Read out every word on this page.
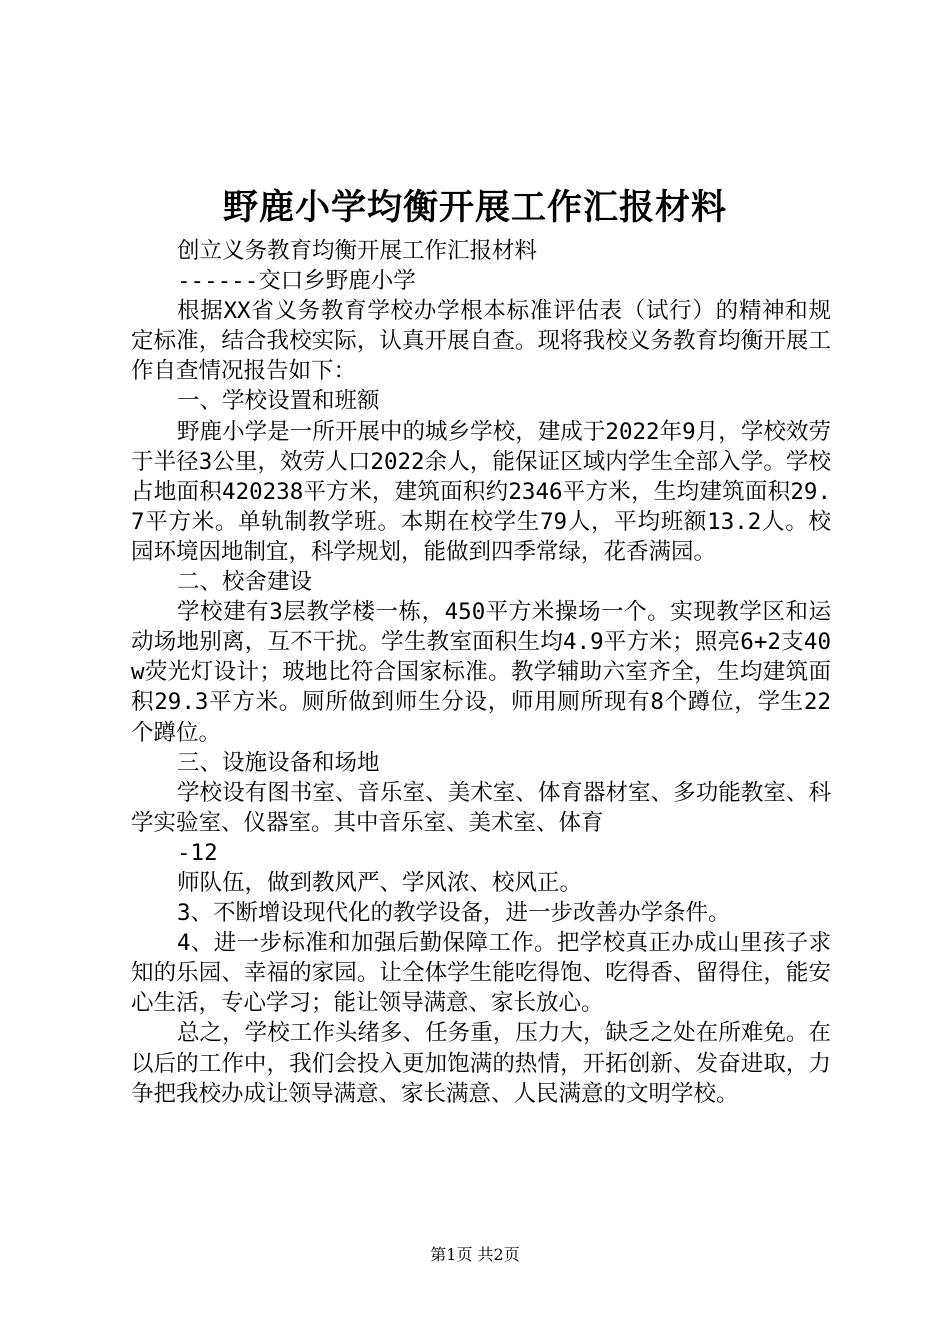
野鹿小学均衡开展工作汇报材料

创立义务教育均衡开展工作汇报材料

------交口乡野鹿小学

根据XX省义务教育学校办学根本标准评估表（试行）的精神和规定标准，结合我校实际，认真开展自查。现将我校义务教育均衡开展工作自查情况报告如下：

一、学校设置和班额

野鹿小学是一所开展中的城乡学校，建成于2022年9月，学校效劳于半径3公里，效劳人口2022余人，能保证区域内学生全部入学。学校占地面积420238平方米，建筑面积约2346平方米，生均建筑面积29.7平方米。单轨制教学班。本期在校学生79人，平均班额13.2人。校园环境因地制宜，科学规划，能做到四季常绿，花香满园。

二、校舍建设

学校建有3层教学楼一栋，450平方米操场一个。实现教学区和运动场地别离，互不干扰。学生教室面积生均4.9平方米；照亮6+2支40w荧光灯设计；玻地比符合国家标准。教学辅助六室齐全，生均建筑面积29.3平方米。厕所做到师生分设，师用厕所现有8个蹲位，学生22个蹲位。

三、设施设备和场地

学校设有图书室、音乐室、美术室、体育器材室、多功能教室、科学实验室、仪器室。其中音乐室、美术室、体育

-12

师队伍，做到教风严、学风浓、校风正。

3、不断增设现代化的教学设备，进一步改善办学条件。

4、进一步标准和加强后勤保障工作。把学校真正办成山里孩子求知的乐园、幸福的家园。让全体学生能吃得饱、吃得香、留得住，能安心生活，专心学习；能让领导满意、家长放心。

总之，学校工作头绪多、任务重，压力大，缺乏之处在所难免。在以后的工作中，我们会投入更加饱满的热情，开拓创新、发奋进取，力争把我校办成让领导满意、家长满意、人民满意的文明学校。

第1页 共2页
